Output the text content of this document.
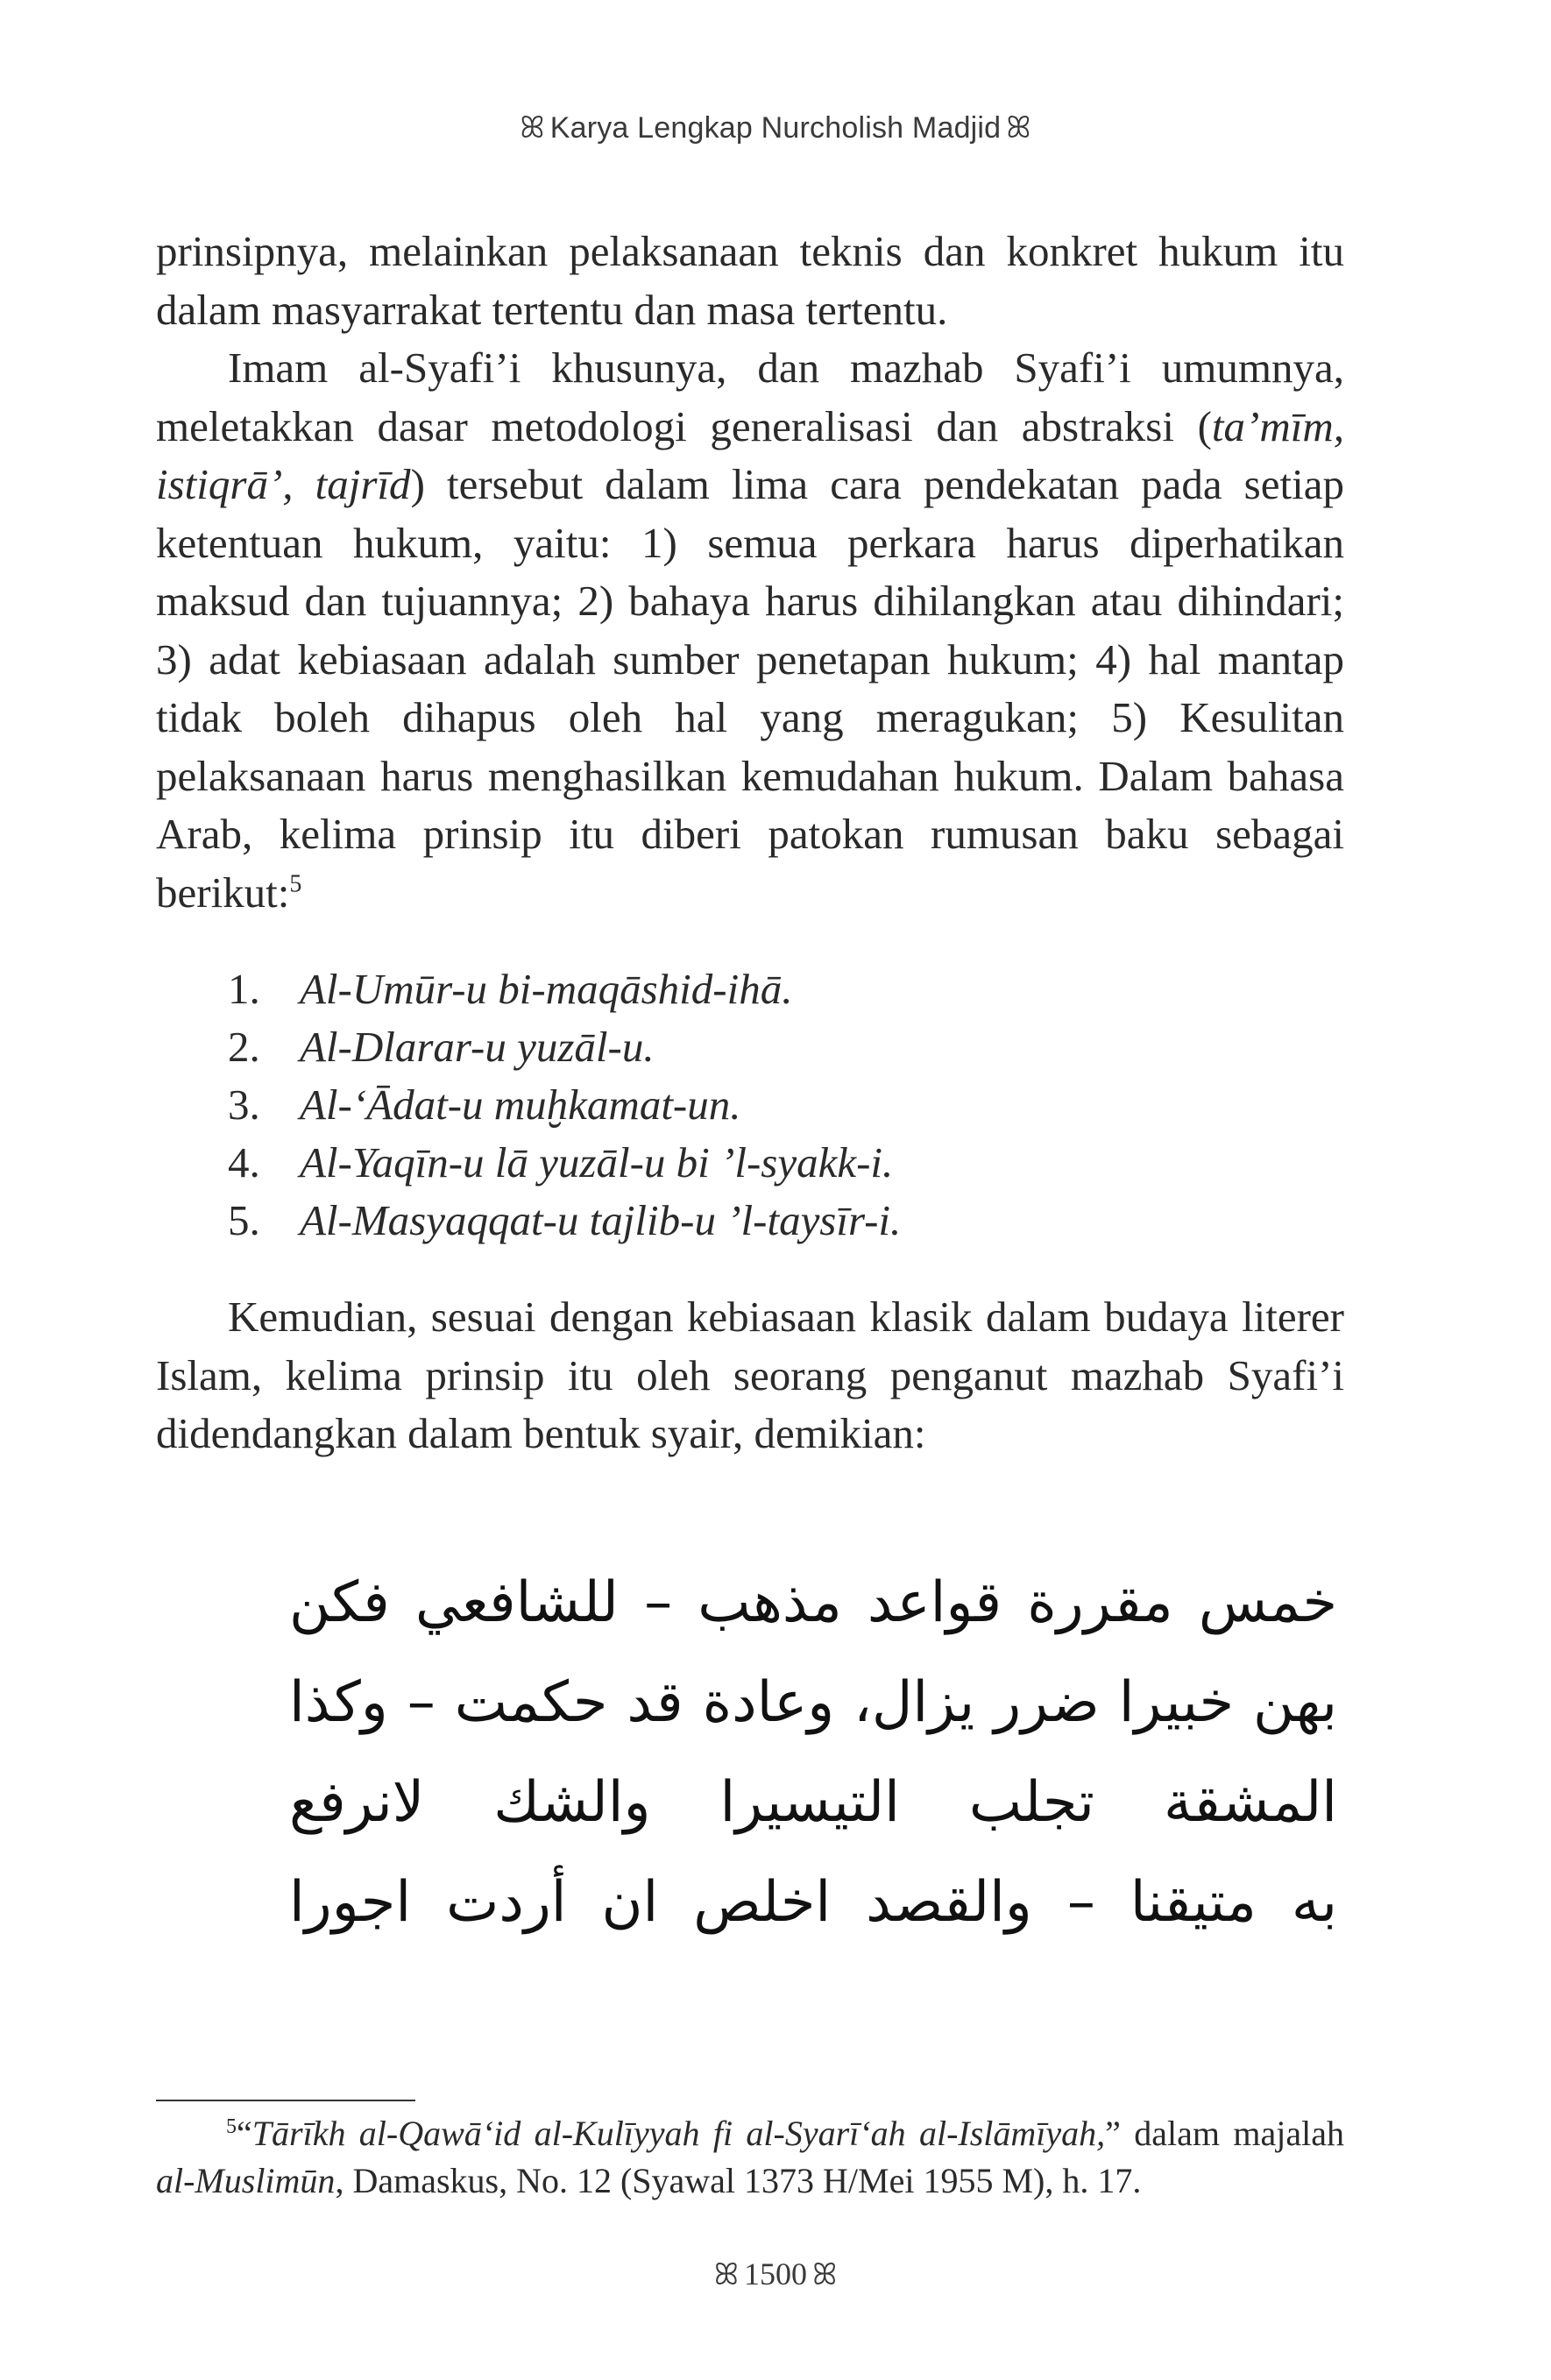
ꕤ Karya Lengkap Nurcholish Madjid ꕤ

prinsipnya, melainkan pelaksanaan teknis dan konkret hukum itu dalam masyarrakat tertentu dan masa tertentu.

Imam al-Syafi’i khusunya, dan mazhab Syafi’i umumnya, meletakkan dasar metodologi generalisasi dan abstraksi (ta’mīm, istiqrā’, tajrīd) tersebut dalam lima cara pendekatan pada setiap ketentuan hukum, yaitu: 1) semua perkara harus diperhatikan maksud dan tujuannya; 2) bahaya harus dihilangkan atau dihindari; 3) adat kebiasaan adalah sumber penetapan hukum; 4) hal mantap tidak boleh dihapus oleh hal yang meragukan; 5) Kesulitan pelaksanaan harus menghasilkan kemudahan hukum. Dalam bahasa Arab, kelima prinsip itu diberi patokan rumusan baku sebagai berikut:$^5$

1. Al-Umūr-u bi-maqāshid-ihā.
2. Al-Dlarar-u yuzāl-u.
3. Al-‘Ādat-u muḫkamat-un.
4. Al-Yaqīn-u lā yuzāl-u bi ’l-syakk-i.
5. Al-Masyaqqat-u tajlib-u ’l-taysīr-i.

Kemudian, sesuai dengan kebiasaan klasik dalam budaya literer Islam, kelima prinsip itu oleh seorang penganut mazhab Syafi’i didendangkan dalam bentuk syair, demikian:

خمس مقررة قواعد مذهب – للشافعي فكن
بهن خبيرا ضرر يزال، وعادة قد حكمت – وكذا
المشقة تجلب التيسيرا والشك لانرفع
به متيقنا – والقصد اخلص ان أردت اجورا
$^5$“Tārīkh al-Qawā‘id al-Kulīyyah fi al-Syarī‘ah al-Islāmīyah,” dalam majalah al-Muslimūn, Damaskus, No. 12 (Syawal 1373 H/Mei 1955 M), h. 17.
ꕤ 1500 ꕤ
